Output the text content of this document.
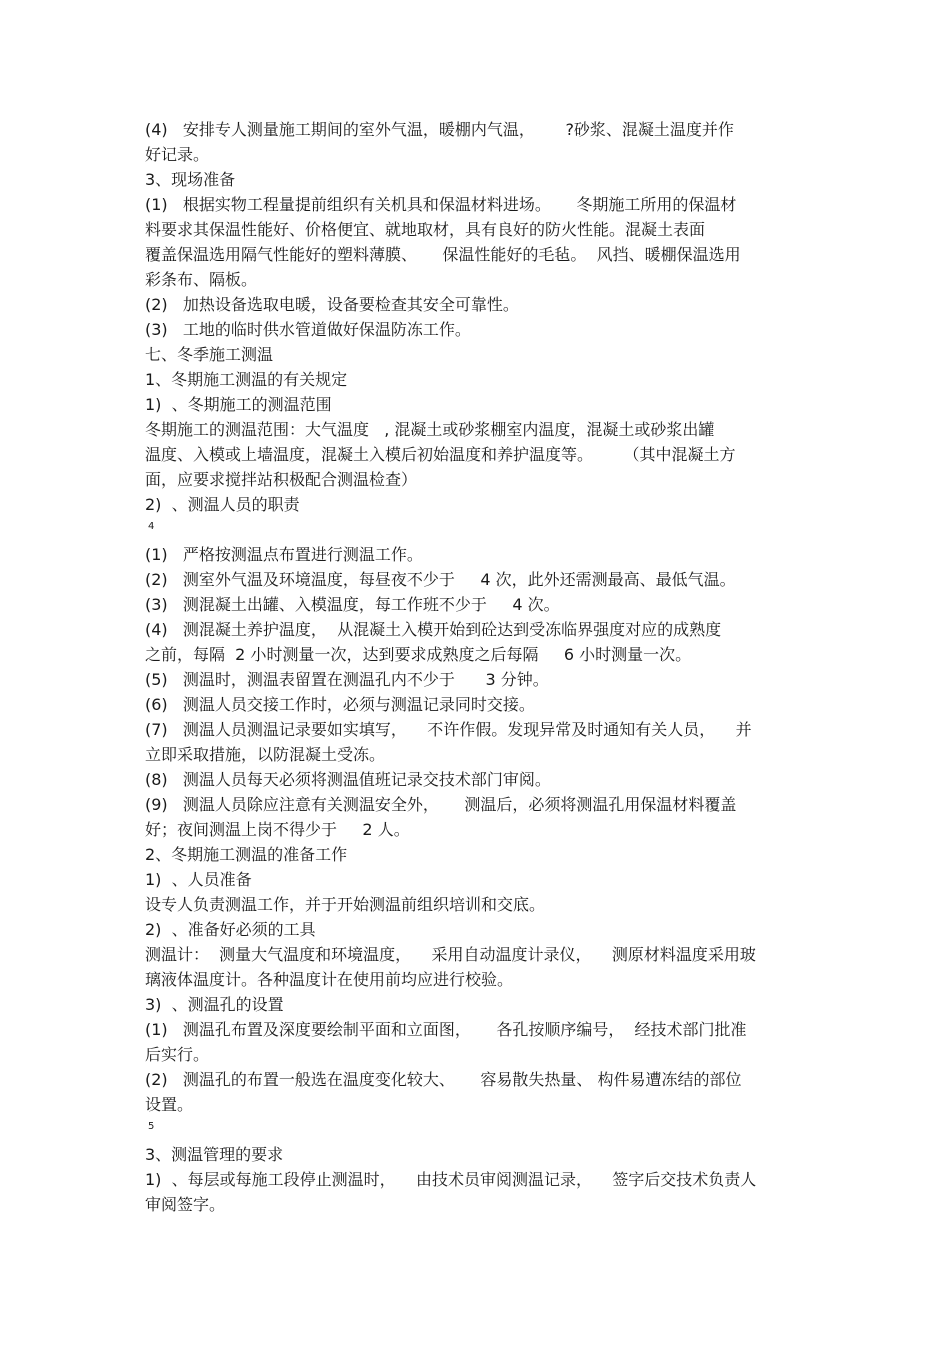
(4)   安排专人测量施工期间的室外气温，暖棚内气温，      ?砂浆、混凝土温度并作

好记录。

3、现场准备

(1)   根据实物工程量提前组织有关机具和保温材料进场。     冬期施工所用的保温材

料要求其保温性能好、价格便宜、就地取材，具有良好的防火性能。混凝土表面

覆盖保温选用隔气性能好的塑料薄膜、     保温性能好的毛毡。  风挡、暖棚保温选用

彩条布、隔板。

(2)   加热设备选取电暖，设备要检查其安全可靠性。

(3)   工地的临时供水管道做好保温防冻工作。

七、冬季施工测温

1、冬期施工测温的有关规定

1)  、冬期施工的测温范围

冬期施工的测温范围：大气温度   , 混凝土或砂浆棚室内温度，混凝土或砂浆出罐

温度、入模或上墙温度，混凝土入模后初始温度和养护温度等。      （其中混凝土方

面，应要求搅拌站积极配合测温检查）

2)  、测温人员的职责

4

(1)   严格按测温点布置进行测温工作。

(2)   测室外气温及环境温度，每昼夜不少于     4 次，此外还需测最高、最低气温。

(3)   测混凝土出罐、入模温度，每工作班不少于     4 次。

(4)   测混凝土养护温度，  从混凝土入模开始到砼达到受冻临界强度对应的成熟度

之前，每隔  2 小时测量一次，达到要求成熟度之后每隔     6 小时测量一次。

(5)   测温时，测温表留置在测温孔内不少于      3 分钟。

(6)   测温人员交接工作时，必须与测温记录同时交接。

(7)   测温人员测温记录要如实填写，    不许作假。发现异常及时通知有关人员，    并

立即采取措施，以防混凝土受冻。

(8)   测温人员每天必须将测温值班记录交技术部门审阅。

(9)   测温人员除应注意有关测温安全外，     测温后，必须将测温孔用保温材料覆盖

好；夜间测温上岗不得少于     2 人。

2、冬期施工测温的准备工作

1)  、人员准备

设专人负责测温工作，并于开始测温前组织培训和交底。

2)  、准备好必须的工具

测温计：  测量大气温度和环境温度，    采用自动温度计录仪，    测原材料温度采用玻

璃液体温度计。各种温度计在使用前均应进行校验。

3)  、测温孔的设置

(1)   测温孔布置及深度要绘制平面和立面图，     各孔按顺序编号，  经技术部门批准

后实行。

(2)   测温孔的布置一般选在温度变化较大、     容易散失热量、 构件易遭冻结的部位

设置。

5

3、测温管理的要求

1)  、每层或每施工段停止测温时，    由技术员审阅测温记录，    签字后交技术负责人

审阅签字。
